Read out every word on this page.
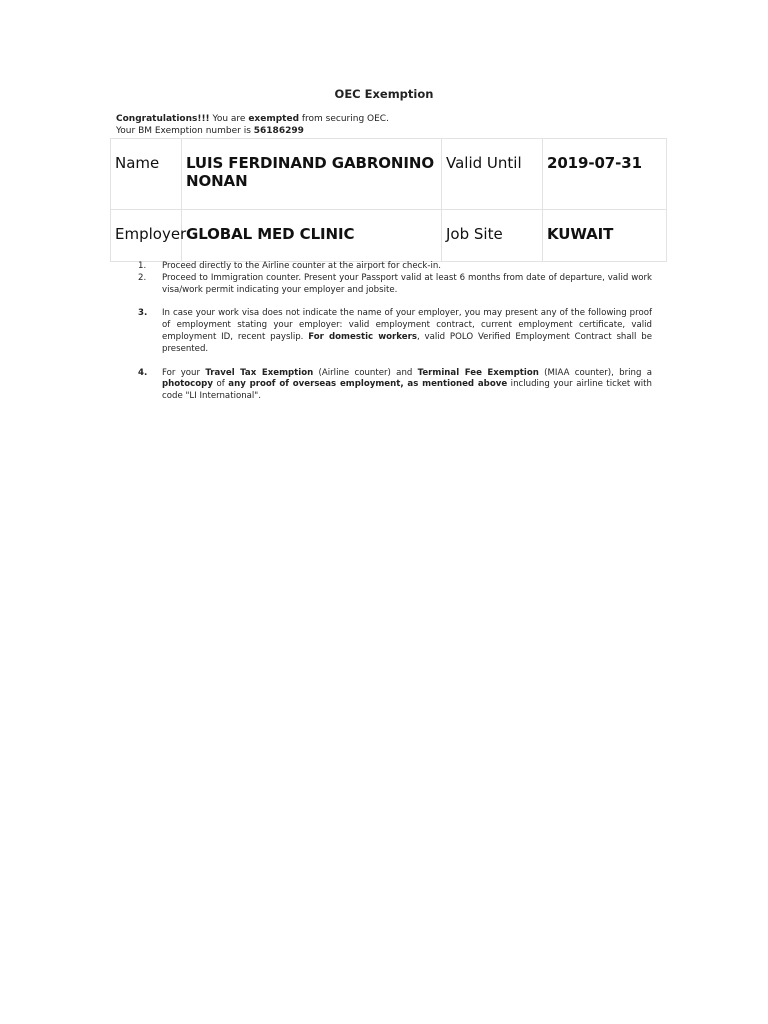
OEC Exemption
Congratulations!!! You are exempted from securing OEC.
Your BM Exemption number is 56186299
Name	LUIS FERDINAND GABRONINO NONAN	Valid Until	2019-07-31
Employer	GLOBAL MED CLINIC	Job Site	KUWAIT
1. Proceed directly to the Airline counter at the airport for check-in.
2. Proceed to Immigration counter. Present your Passport valid at least 6 months from date of departure, valid work visa/work permit indicating your employer and jobsite.
3. In case your work visa does not indicate the name of your employer, you may present any of the following proof of employment stating your employer: valid employment contract, current employment certificate, valid employment ID, recent payslip. For domestic workers, valid POLO Verified Employment Contract shall be presented.
4. For your Travel Tax Exemption (Airline counter) and Terminal Fee Exemption (MIAA counter), bring a photocopy of any proof of overseas employment, as mentioned above including your airline ticket with code "LI International".
